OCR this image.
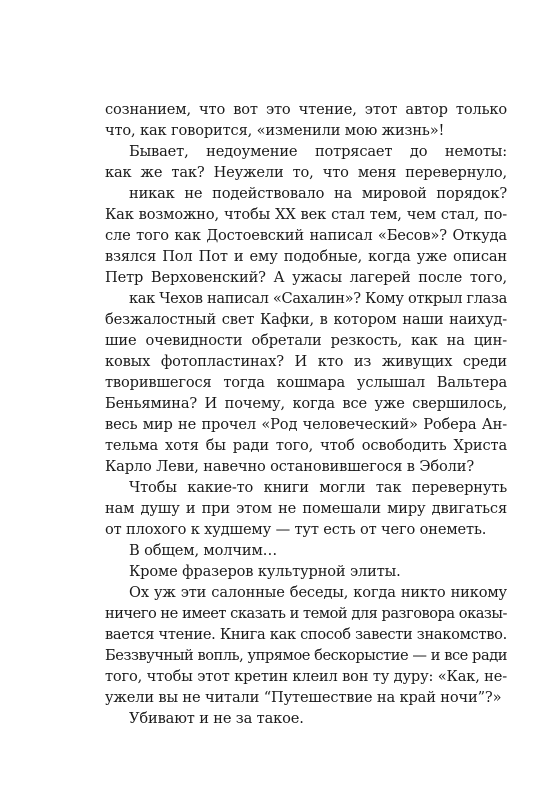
сознанием, что вот это чтение, этот автор только
что, как говорится, «изменили мою жизнь»!
Бывает, недоумение потрясает до немоты:
как же так? Неужели то, что меня перевернуло,
никак не подействовало на мировой порядок?
Как возможно, чтобы XX век стал тем, чем стал, по-
сле того как Достоевский написал «Бесов»? Откуда
взялся Пол Пот и ему подобные, когда уже описан
Петр Верховенский? А ужасы лагерей после того,
как Чехов написал «Сахалин»? Кому открыл глаза
безжалостный свет Кафки, в котором наши наихуд-
шие очевидности обретали резкость, как на цин-
ковых фотопластинах? И кто из живущих среди
творившегося тогда кошмара услышал Вальтера
Беньямина? И почему, когда все уже свершилось,
весь мир не прочел «Род человеческий» Робера Ан-
тельма хотя бы ради того, чтоб освободить Христа
Карло Леви, навечно остановившегося в Эболи?
Чтобы какие-то книги могли так перевернуть
нам душу и при этом не помешали миру двигаться
от плохого к худшему — тут есть от чего онеметь.
В общем, молчим…
Кроме фразеров культурной элиты.
Ох уж эти салонные беседы, когда никто никому
ничего не имеет сказать и темой для разговора оказы-
вается чтение. Книга как способ завести знакомство.
Беззвучный вопль, упрямое бескорыстие — и все ради
того, чтобы этот кретин клеил вон ту дуру: «Как, не-
ужели вы не читали “Путешествие на край ночи”?»
Убивают и не за такое.
